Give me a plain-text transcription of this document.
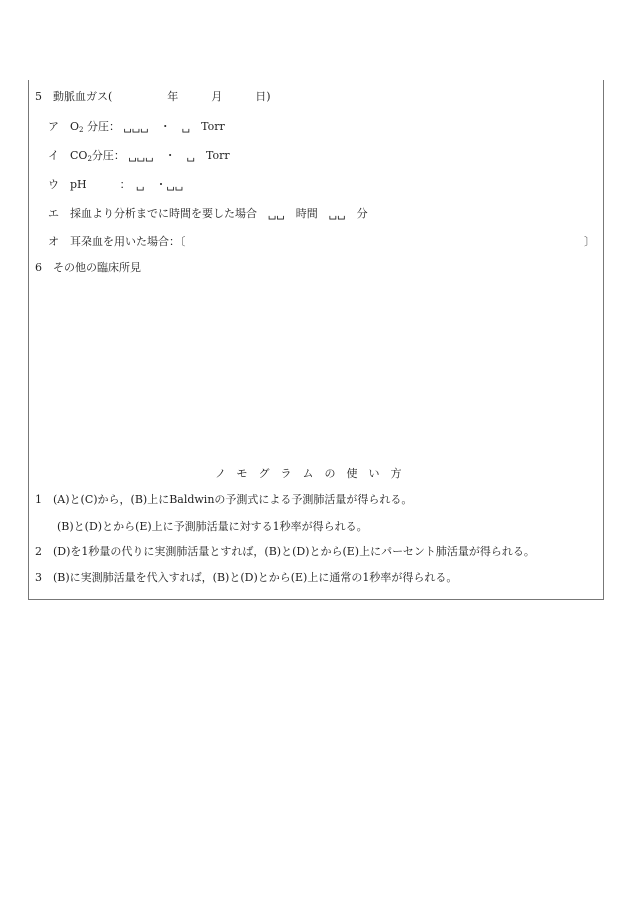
5　動脈血ガス(　　　　　年　　　月　　　日)
ア　 $O_2$ 分圧： ␣␣␣　・　␣　Torr
イ　 $CO_2$分圧： ␣␣␣　・　␣　Torr
ウ　pH　　　：　␣　・␣␣
エ　採血より分析までに時間を要した場合　␣␣　時間　␣␣　分
オ　耳朶血を用いた場合：〔	〕
6　その他の臨床所見
ノモグラムの使い方
1　(A)と(C)から，(B)上にBaldwinの予測式による予測肺活量が得られる。
　　(B)と(D)とから(E)上に予測肺活量に対する1秒率が得られる。
2　(D)を1秒量の代りに実測肺活量とすれば，(B)と(D)とから(E)上にパーセント肺活量が得られる。
3　(B)に実測肺活量を代入すれば，(B)と(D)とから(E)上に通常の1秒率が得られる。
